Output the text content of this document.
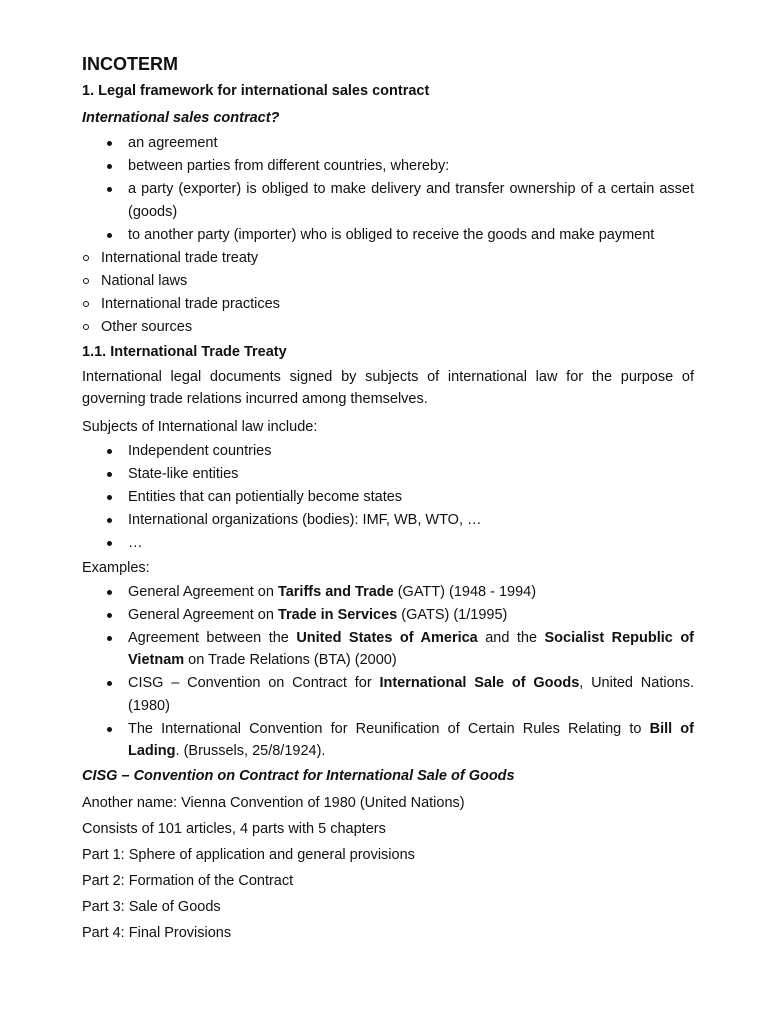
INCOTERM
1. Legal framework for international sales contract
International sales contract?
an agreement
between parties from different countries, whereby:
a party (exporter) is obliged to make delivery and transfer ownership of a certain asset (goods)
to another party (importer) who is obliged to receive the goods and make payment
International trade treaty
National laws
International trade practices
Other sources
1.1. International Trade Treaty

International legal documents signed by subjects of international law for the purpose of governing trade relations incurred among themselves.

Subjects of International law include:

Independent countries
State-like entities
Entities that can potientially become states
International organizations (bodies): IMF, WB, WTO, …
…

Examples:

General Agreement on Tariffs and Trade (GATT) (1948 - 1994)
General Agreement on Trade in Services (GATS) (1/1995)
Agreement between the United States of America and the Socialist Republic of Vietnam on Trade Relations (BTA) (2000)
CISG – Convention on Contract for International Sale of Goods, United Nations. (1980)
The International Convention for Reunification of Certain Rules Relating to Bill of Lading. (Brussels, 25/8/1924).
CISG – Convention on Contract for International Sale of Goods

Another name: Vienna Convention of 1980 (United Nations)

Consists of 101 articles, 4 parts with 5 chapters

Part 1: Sphere of application and general provisions

Part 2: Formation of the Contract

Part 3: Sale of Goods

Part 4: Final Provisions
